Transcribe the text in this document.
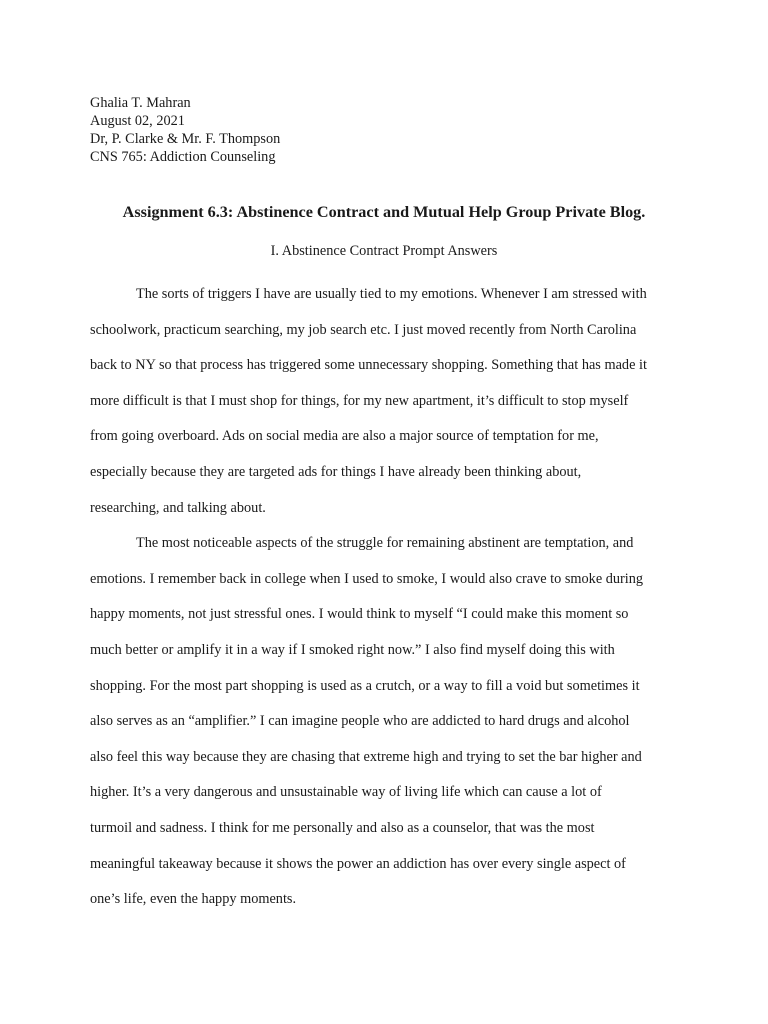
Ghalia T. Mahran
August 02, 2021
Dr, P. Clarke & Mr. F. Thompson
CNS 765: Addiction Counseling
Assignment 6.3: Abstinence Contract and Mutual Help Group Private Blog.
I. Abstinence Contract Prompt Answers
The sorts of triggers I have are usually tied to my emotions. Whenever I am stressed with
schoolwork, practicum searching, my job search etc. I just moved recently from North Carolina
back to NY so that process has triggered some unnecessary shopping. Something that has made it
more difficult is that I must shop for things, for my new apartment, it’s difficult to stop myself
from going overboard. Ads on social media are also a major source of temptation for me,
especially because they are targeted ads for things I have already been thinking about,
researching, and talking about.
The most noticeable aspects of the struggle for remaining abstinent are temptation, and
emotions. I remember back in college when I used to smoke, I would also crave to smoke during
happy moments, not just stressful ones. I would think to myself “I could make this moment so
much better or amplify it in a way if I smoked right now.” I also find myself doing this with
shopping. For the most part shopping is used as a crutch, or a way to fill a void but sometimes it
also serves as an “amplifier.” I can imagine people who are addicted to hard drugs and alcohol
also feel this way because they are chasing that extreme high and trying to set the bar higher and
higher. It’s a very dangerous and unsustainable way of living life which can cause a lot of
turmoil and sadness. I think for me personally and also as a counselor, that was the most
meaningful takeaway because it shows the power an addiction has over every single aspect of
one’s life, even the happy moments.
